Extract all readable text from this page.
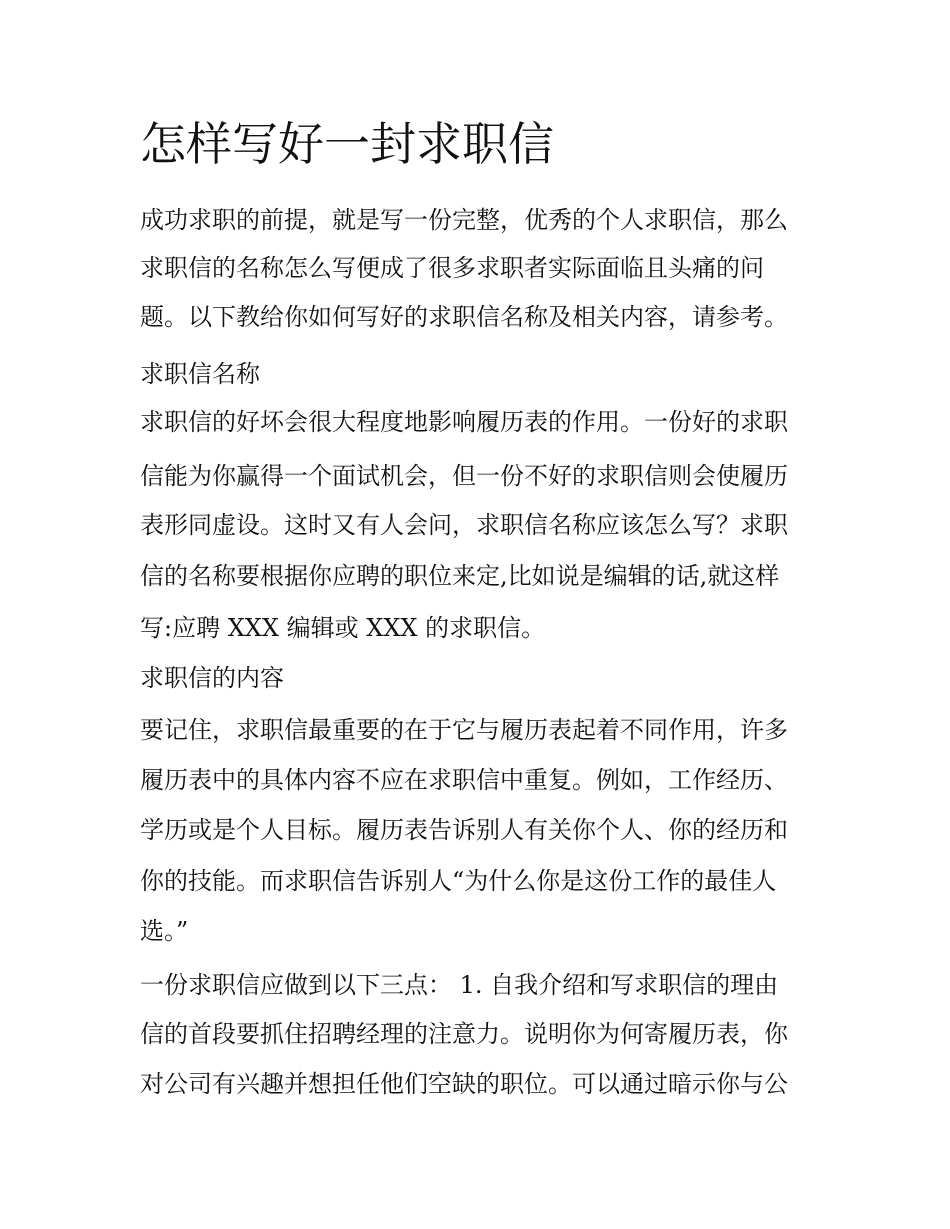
怎样写好一封求职信

成功求职的前提，就是写一份完整，优秀的个人求职信，那么

求职信的名称怎么写便成了很多求职者实际面临且头痛的问

题。以下教给你如何写好的求职信名称及相关内容，请参考。

求职信名称

求职信的好坏会很大程度地影响履历表的作用。一份好的求职

信能为你赢得一个面试机会，但一份不好的求职信则会使履历

表形同虚设。这时又有人会问，求职信名称应该怎么写？求职

信的名称要根据你应聘的职位来定,比如说是编辑的话,就这样

写:应聘 XXX 编辑或 XXX 的求职信。

求职信的内容

要记住，求职信最重要的在于它与履历表起着不同作用，许多

履历表中的具体内容不应在求职信中重复。例如，工作经历、

学历或是个人目标。履历表告诉别人有关你个人、你的经历和

你的技能。而求职信告诉别人“为什么你是这份工作的最佳人

选。”

一份求职信应做到以下三点： 1. 自我介绍和写求职信的理由

信的首段要抓住招聘经理的注意力。说明你为何寄履历表，你

对公司有兴趣并想担任他们空缺的职位。可以通过暗示你与公
